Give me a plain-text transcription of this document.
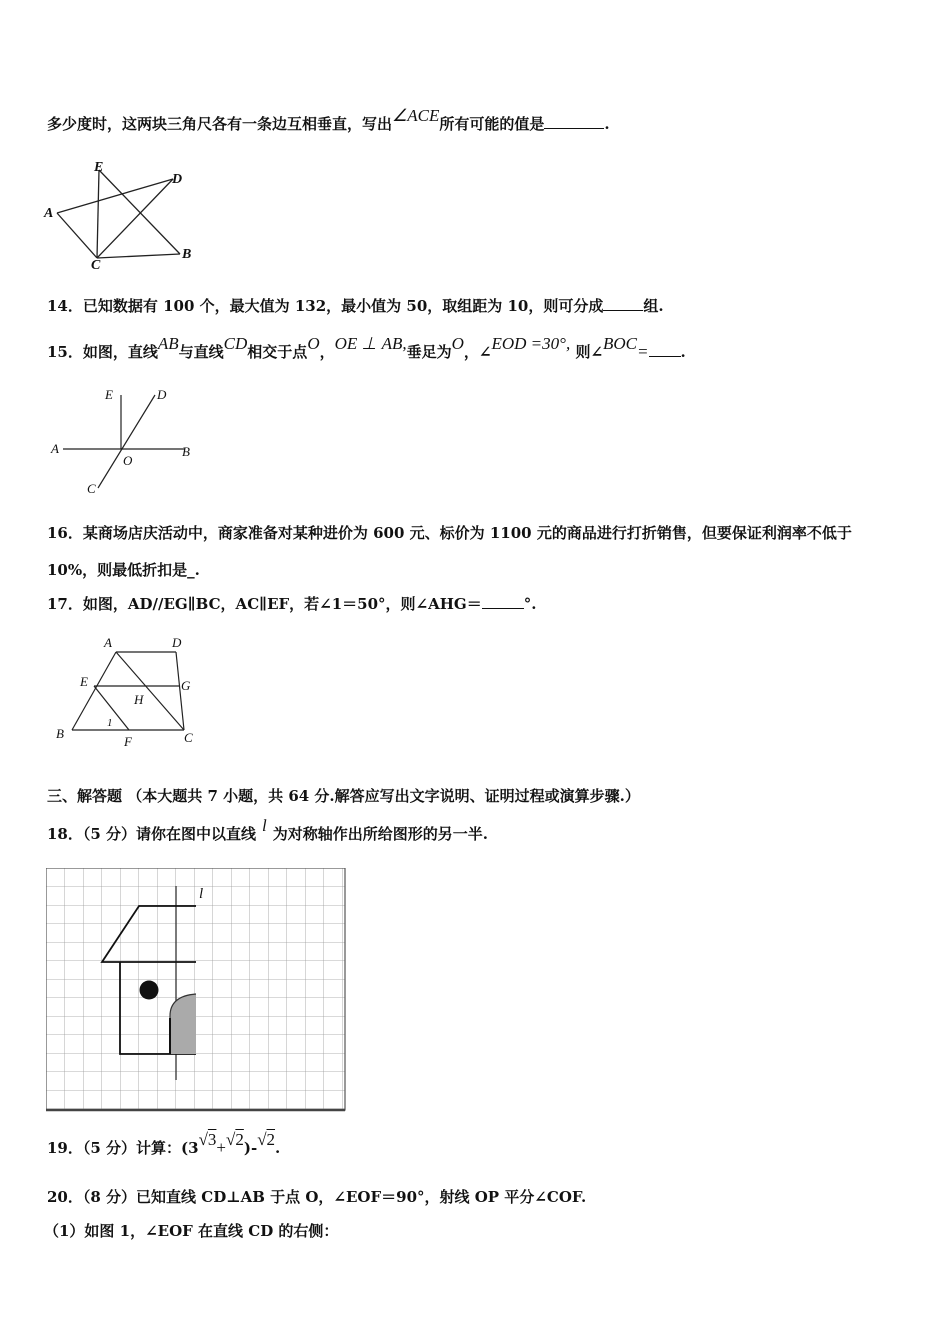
多少度时，这两块三角尺各有一条边互相垂直，写出∠ACE所有可能的值是	.
E
D
A
C
B
14．已知数据有 100 个，最大值为 132，最小值为 50，取组距为 10，则可分成	组.
15．如图，直线AB与直线CD相交于点O，OE ⊥ AB,垂足为O，∠EOD =30°, 则∠BOC= .
E	D
A
O
B
C
16．某商场店庆活动中，商家准备对某种进价为 600 元、标价为 1100 元的商品进行打折销售，但要保证利润率不低于
10%，则最低折扣是_.
17．如图，AD//EG∥BC，AC∥EF，若∠1＝50°，则∠AHG＝	°.
A	D
E	G
H
B
1
F	C
三、解答题 （本大题共 7 小题，共 64 分.解答应写出文字说明、证明过程或演算步骤.）
18．（5 分）请你在图中以直线 l 为对称轴作出所给图形的另一半.
l
19．（5 分）计算：(3√3+√2)-√2.
20．（8 分）已知直线 CD⊥AB 于点 O，∠EOF＝90°，射线 OP 平分∠COF.
（1）如图 1，∠EOF 在直线 CD 的右侧：
